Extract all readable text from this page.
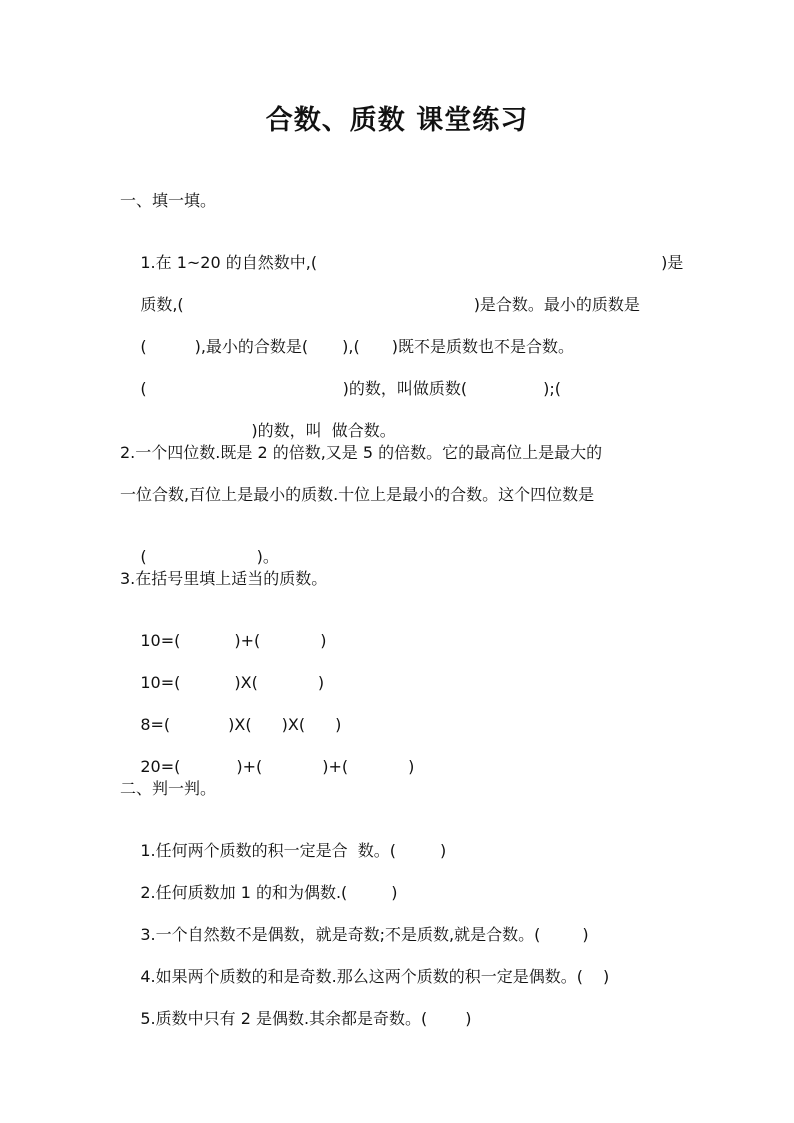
合数、质数 课堂练习
一、填一填。

1.在 1~20 的自然数中,(	)是

质数,(	)是合数。最小的质数是

(	),最小的合数是( ),( )既不是质数也不是合数。

(	)的数，叫做质数(	);(

)的数，叫  做合数。

2.一个四位数.既是 2 的倍数,又是 5 的倍数。它的最高位上是最大的
一位合数,百位上是最小的质数.十位上是最小的合数。这个四位数是

(	)。

3.在括号里填上适当的质数。

10=(	)+(	)

10=(	)X(	)

8=(	)X( )X( )

20=(	)+(	)+(	)

二、判一判。

1.任何两个质数的积一定是合  数。(	)

2.任何质数加 1 的和为偶数.(	)

3.一个自然数不是偶数，就是奇数;不是质数,就是合数。(	)

4.如果两个质数的和是奇数.那么这两个质数的积一定是偶数。( )

5.质数中只有 2 是偶数.其余都是奇数。( )
